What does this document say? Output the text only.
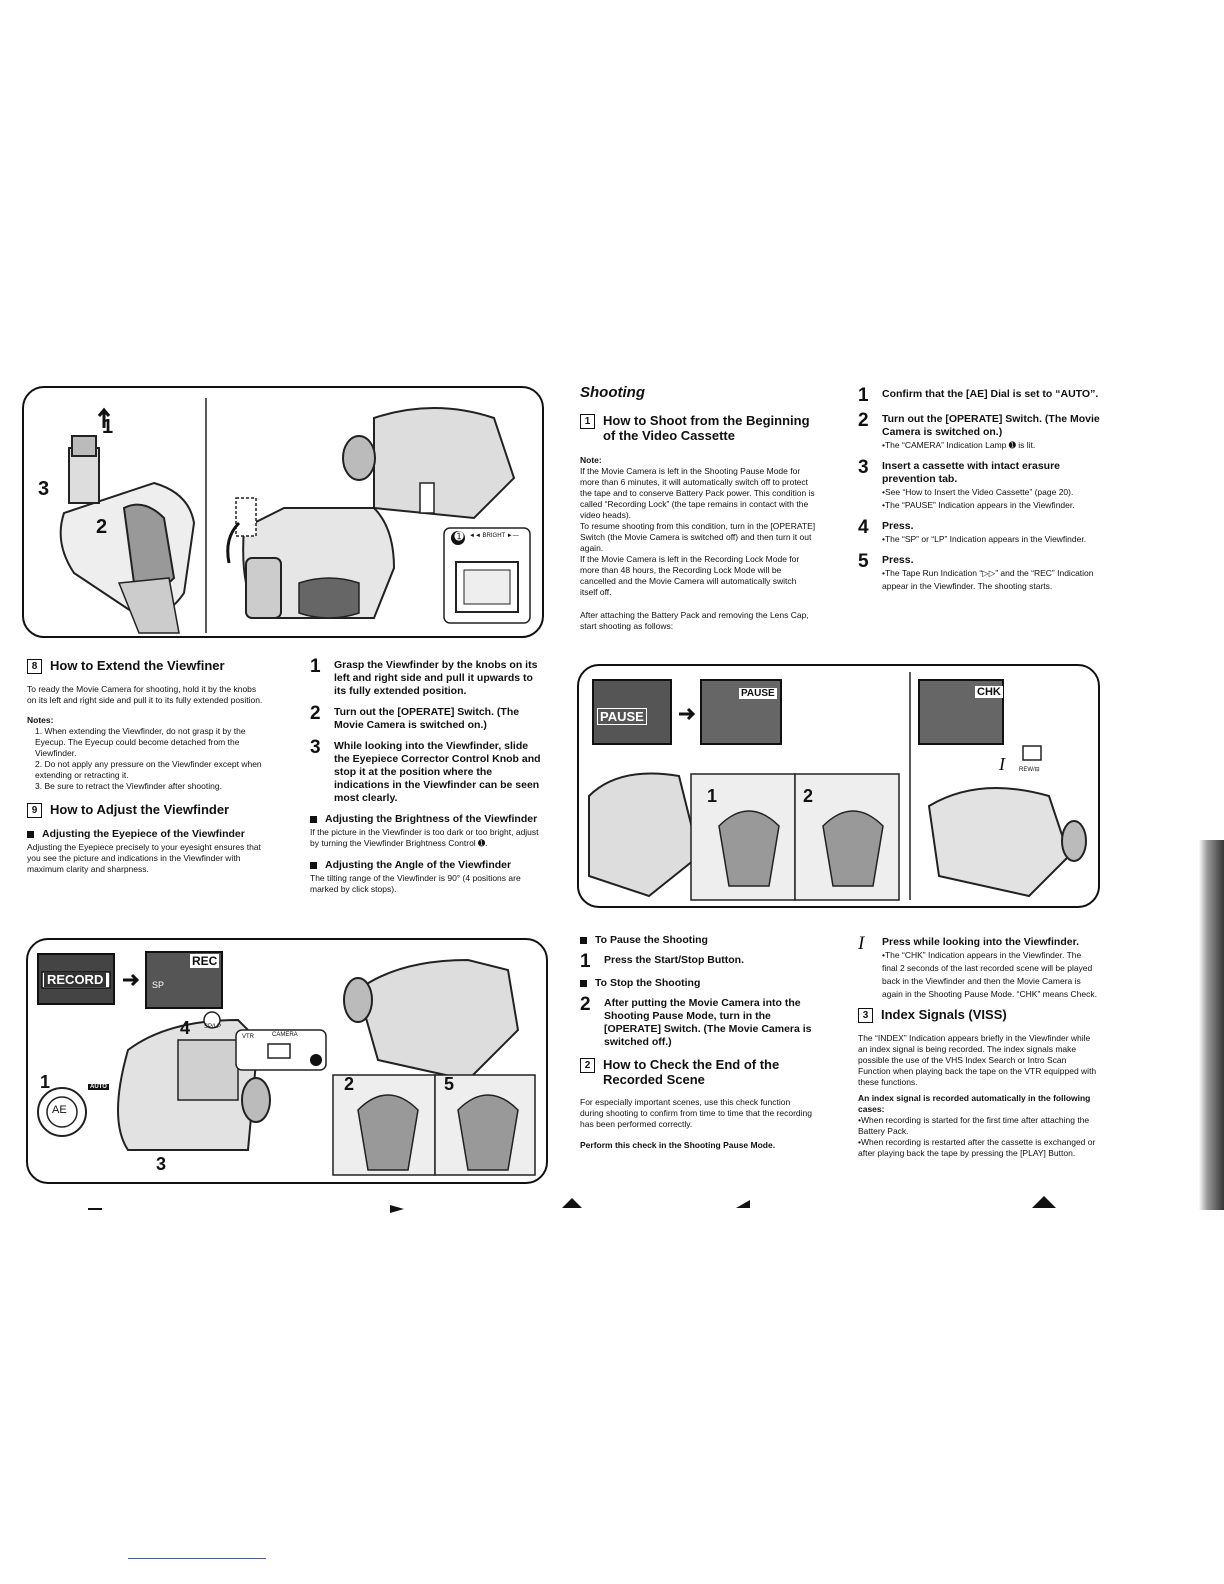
1
3
2	➊ ◄◄ BRIGHT ►—
8 How to Extend the Viewfiner
To ready the Movie Camera for shooting, hold it by the knobs on its left and right side and pull it to its fully extended position.
Notes:
1. When extending the Viewfinder, do not grasp it by the Eyecup. The Eyecup could become detached from the Viewfinder.
2. Do not apply any pressure on the Viewfinder except when extending or retracting it.
3. Be sure to retract the Viewfinder after shooting.
9 How to Adjust the Viewfinder
Adjusting the Eyepiece of the Viewfinder
Adjusting the Eyepiece precisely to your eyesight ensures that you see the picture and indications in the Viewfinder with maximum clarity and sharpness.
1	Grasp the Viewfinder by the knobs on its left and right side and pull it upwards to its fully extended position.
2	Turn out the [OPERATE] Switch. (The Movie Camera is switched on.)
3	While looking into the Viewfinder, slide the Eyepiece Corrector Control Knob and stop it at the position where the indications in the Viewfinder can be seen most clearly.
Adjusting the Brightness of the Viewfinder
If the picture in the Viewfinder is too dark or too bright, adjust by turning the Viewfinder Brightness Control ➊.
Adjusting the Angle of the Viewfinder
The tilting range of the Viewfinder is 90° (4 positions are marked by click stops).
RECORD
REC
SP
4 SP/LP
VTR	CAMERA
1	AUTO
AE
3
2	5
Shooting
1 How to Shoot from the Beginning of the Video Cassette
Note:
If the Movie Camera is left in the Shooting Pause Mode for more than 6 minutes, it will automatically switch off to protect the tape and to conserve Battery Pack power. This condition is called “Recording Lock” (the tape remains in contact with the video heads).
To resume shooting from this condition, turn in the [OPERATE] Switch (the Movie Camera is switched off) and then turn it out again.
If the Movie Camera is left in the Recording Lock Mode for more than 48 hours, the Recording Lock Mode will be cancelled and the Movie Camera will automatically switch itself off.
After attaching the Battery Pack and removing the Lens Cap, start shooting as follows:
1	Confirm that the [AE] Dial is set to “AUTO”.
2	Turn out the [OPERATE] Switch. (The Movie Camera is switched on.)
•The “CAMERA” Indication Lamp ➊ is lit.
3	Insert a cassette with intact erasure prevention tab.
•See “How to Insert the Video Cassette” (page 20).
•The “PAUSE” Indication appears in the Viewfinder.
4	Press.
•The “SP” or “LP” Indication appears in the Viewfinder.
5	Press.
•The Tape Run Indication “▷▷” and the “REC” Indication appear in the Viewfinder. The shooting starts.
PAUSE
PAUSE	CHK
1	2
I REW/⊟
To Pause the Shooting
1	Press the Start/Stop Button.
To Stop the Shooting
2	After putting the Movie Camera into the Shooting Pause Mode, turn in the [OPERATE] Switch. (The Movie Camera is switched off.)
2 How to Check the End of the Recorded Scene
For especially important scenes, use this check function during shooting to confirm from time to time that the recording has been performed correctly.
Perform this check in the Shooting Pause Mode.
I	Press while looking into the Viewfinder.
•The “CHK” Indication appears in the Viewfinder. The final 2 seconds of the last recorded scene will be played back in the Viewfinder and then the Movie Camera is again in the Shooting Pause Mode. “CHK” means Check.
3 Index Signals (VISS)
The “INDEX” Indication appears briefly in the Viewfinder while an index signal is being recorded. The index signals make possible the use of the VHS Index Search or Intro Scan Function when playing back the tape on the VTR equipped with these functions.
An index signal is recorded automatically in the following cases:
•When recording is started for the first time after attaching the Battery Pack.
•When recording is restarted after the cassette is exchanged or after playing back the tape by pressing the [PLAY] Button.
